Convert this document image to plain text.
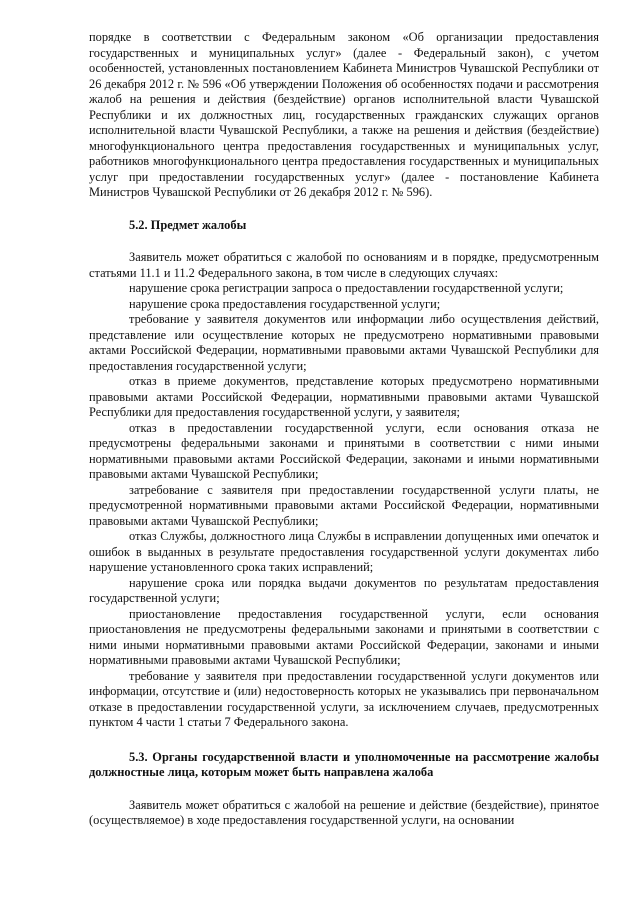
порядке в соответствии с Федеральным законом «Об организации предоставления государственных и муниципальных услуг» (далее - Федеральный закон), с учетом особенностей, установленных постановлением Кабинета Министров Чувашской Республики от 26 декабря 2012 г. № 596 «Об утверждении Положения об особенностях подачи и рассмотрения жалоб на решения и действия (бездействие) органов исполнительной власти Чувашской Республики и их должностных лиц, государственных гражданских служащих органов исполнительной власти Чувашской Республики, а также на решения и действия (бездействие) многофункционального центра предоставления государственных и муниципальных услуг, работников многофункционального центра предоставления государственных и муниципальных услуг при предоставлении государственных услуг» (далее - постановление Кабинета Министров Чувашской Республики от 26 декабря 2012 г. № 596).

5.2. Предмет жалобы

Заявитель может обратиться с жалобой по основаниям и в порядке, предусмотренным статьями 11.1 и 11.2 Федерального закона, в том числе в следующих случаях:

нарушение срока регистрации запроса о предоставлении государственной услуги;

нарушение срока предоставления государственной услуги;

требование у заявителя документов или информации либо осуществления действий, представление или осуществление которых не предусмотрено нормативными правовыми актами Российской Федерации, нормативными правовыми актами Чувашской Республики для предоставления государственной услуги;

отказ в приеме документов, представление которых предусмотрено нормативными правовыми актами Российской Федерации, нормативными правовыми актами Чувашской Республики для предоставления государственной услуги, у заявителя;

отказ в предоставлении государственной услуги, если основания отказа не предусмотрены федеральными законами и принятыми в соответствии с ними иными нормативными правовыми актами Российской Федерации, законами и иными нормативными правовыми актами Чувашской Республики;

затребование с заявителя при предоставлении государственной услуги платы, не предусмотренной нормативными правовыми актами Российской Федерации, нормативными правовыми актами Чувашской Республики;

отказ Службы, должностного лица Службы в исправлении допущенных ими опечаток и ошибок в выданных в результате предоставления государственной услуги документах либо нарушение установленного срока таких исправлений;

нарушение срока или порядка выдачи документов по результатам предоставления государственной услуги;

приостановление предоставления государственной услуги, если основания приостановления не предусмотрены федеральными законами и принятыми в соответствии с ними иными нормативными правовыми актами Российской Федерации, законами и иными нормативными правовыми актами Чувашской Республики;

требование у заявителя при предоставлении государственной услуги документов или информации, отсутствие и (или) недостоверность которых не указывались при первоначальном отказе в предоставлении государственной услуги, за исключением случаев, предусмотренных пунктом 4 части 1 статьи 7 Федерального закона.

5.3. Органы государственной власти и уполномоченные на рассмотрение жалобы должностные лица, которым может быть направлена жалоба

Заявитель может обратиться с жалобой на решение и действие (бездействие), принятое (осуществляемое) в ходе предоставления государственной услуги, на основании
